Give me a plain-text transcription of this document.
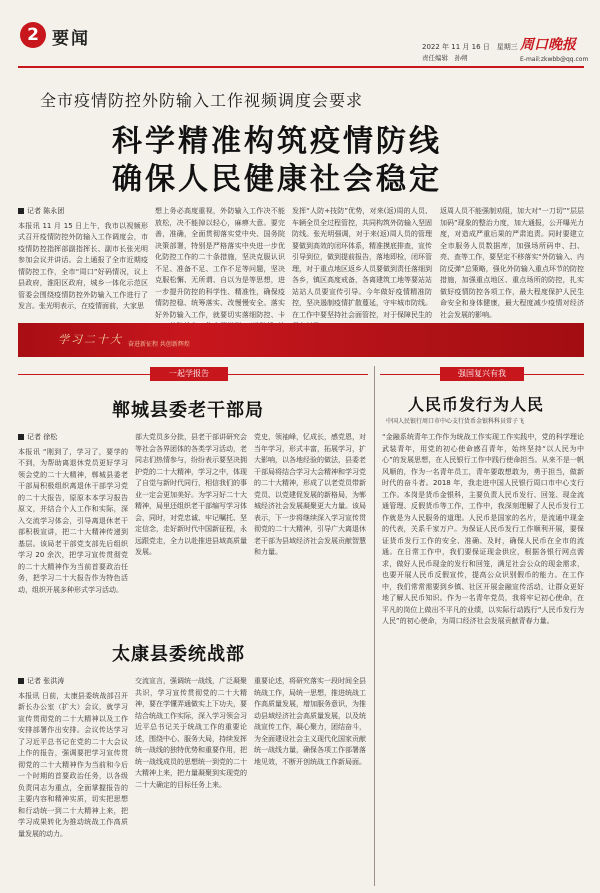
2 要闻	2022 年 11 月 16 日　星期三
责任编辑　孙朔
周口晚报
E-mail:zkwbb@qq.com
全市疫情防控外防输入工作视频调度会要求
科学精准构筑疫情防线
确保人民健康社会稳定
记者 陈永团
本报讯 11 月 15 日上午，我市以视频形式召开疫情防控外防输入工作调度会，市疫情防控指挥部副指挥长、副市长张光明参加会议并讲话。会上通报了全市近期疫情防控工作，全市“周口”好码情况，议上县政府，淮阳区政府，城乡一体化示范区管委会围绕疫情防控外防输入工作进行了发言。张光明表示，在疫情面前，大家思
想上务必高度重视，外防输入工作决不能放松，决不能掉以轻心，麻痹大意。要完善，准确，全面贯彻落实党中央、国务院决策部署，特别是严格落实中央进一步优化防控工作的二十条措施，坚决克服认识不足、准备不足、工作不足等问题，坚决克服松懈、无所谓、自以为是等思想，进一步提升防控的科学性、精准性，确保疫情防控稳、统筹落实、改慢慢安全。落实好外防输入工作，就要切实落细防控、卡
发挥“人防+技防”优势，对来(返)周的人员、车辆全员全过程管控，共同构筑外防输入坚固防线。张光明强调，对于来(返)周人员的管理要做到高效的闭环体系，精准摸底排查，宣传引导到位，做到提前报告，落地即检，闭环管理，对于重点地区返乡人员要做到责任落细到各乡，镇区高度戒备，各离建筑工地等要站站站站人员要宣传引导。今年做好疫情精准防控，坚决遏制疫情扩散蔓延，守牢城市防线。在工作中要坚持社会面管控，对于保障民生的
返周人员不能强制劝阻，加大对“一刀切”“层层加码”现象的整治力度，加大通报，公开曝光力度，对造成严重后果的严肃追责。同时要建立全市服务人员数据库，加强场所码申、扫、亮、查等工作，要坚定不移落实“外防输入、内防反弹”总策略，强化外防输入重点环节的防控措施，加强重点地区、重点场所的防控，扎实做好疫情防控各项工作，最大程度保护人民生命安全和身体健康，最大程度减少疫情对经济社会发展的影响。
学习二十大 奋进新征程 共创新辉煌
一起学报告
郸城县委老干部局
记者 徐松
本报讯 “刚到了，学习了，要学的不到，为帮助离退休党员更好学习领会党的二十大精神，郸城县委老干部局积极组织离退休干部学习党的二十大报告，原原本本学习报告原文，并结合个人工作和实际，深入交流学习体会，引导离退休老干部积极宣讲，把二十大精神传递到基层。该局老干部党支部先后组织学习 20 余次，把学习宣传贯彻党的二十大精神作为当前首要政治任务，把学习二十大报告作为特色活动，组织开展多种形式学习活动。
部大党员多分批，县老干部讲研究会等社会各界团体的各类学习活动，老同志们热情参与，纷纷表示要坚决拥护党的二十大精神，学习之中，体现了自觉与新时代同行，相信我们的事业一定会更加美好。为学习好二十大精神，局里还组织老干部编写学习体会，同时，对党忠诚、牢记嘱托、坚定信念，走好新时代中国新征程，永远跟党走，全力以赴推进县域高质量发展。
党史，领袖峰，忆成长，感党恩，对当年学习，形式丰富，拓展学习，扩大影响，以各地经验的做法，县委老干部局将结合学习大会精神和学习党的二十大精神，形成了以老党员带新党员、以党建促发展的新格局，为郸城经济社会发展凝聚更大力量。该局表示，下一步将继续深入学习宣传贯彻党的二十大精神，引导广大离退休老干部为县域经济社会发展贡献智慧和力量。
太康县委统战部
记者 张洪涛
本报讯 日前，太康县委统战部召开新长办公室（扩大）会议，就学习宣传贯彻党的二十大精神以及工作安排部署作出安排。会议传达学习了习近平总书记在党的二十大会议上作的报告，强调要把学习宣传贯彻党的二十大精神作为当前和今后一个时期的首要政治任务，以各级负责同志为重点，全面掌握报告的主要内容和精神实质，切实把思想和行动统一到二十大精神上来，把学习成果转化为推动统战工作高质量发展的动力。
交流宣言，强调统一战线，广泛凝聚共识，学习宣传贯彻党的二十大精神，要在学懂弄通做实上下功夫，要结合统战工作实际，深入学习领会习近平总书记关于统战工作的重要论述，围绕中心、服务大局，持续发挥统一战线的独特优势和重要作用，把统一战线成员的思想统一到党的二十大精神上来，把力量凝聚到实现党的二十大确定的目标任务上来。
重要论述，将研究落实一段时间全县统战工作，局统一思想，推进统战工作高质量发展，增加服务意识，为推动县域经济社会高质量发展，以及统战宣传工作，凝心聚力，团结奋斗，为全面建设社会主义现代化国家贡献统一战线力量，确保各项工作部署落地见效，不断开创统战工作新局面。
强国复兴有我
人民币发行为人民
中国人民银行周口市中心支行货币金银科科员常子飞
“金融系统青年工作作为统战工作实现工作实践中，党的科学理论武装青年，用党的初心使命感召青年，始终坚持“以人民为中心”的发展思想，在人民银行工作中践行使命担当。从来不是一帆风顺的，作为一名青年员工，青年要敢想敢为，勇于担当，做新时代的奋斗者。2018 年，我走进中国人民银行周口市中心支行工作。本岗是货币金银科，主要负责人民币发行、回笼、现金流通管理、反假货币等工作，工作中，我深刻理解了人民币发行工作就是为人民服务的道理。人民币是国家的名片，是流通中现金的代表，关系千家万户。为保证人民币发行工作顺利开展，要保证货币发行工作的安全、准确、及时，确保人民币在全市的流通。在日常工作中，我们要保证现金供应，根据各银行网点需求，做好人民币现金的发行和回笼，满足社会公众的现金需求，也要开展人民币反假宣传，提高公众识别假币的能力。在工作中，我们常常需要到乡镇、社区开展金融宣传活动，让群众更好地了解人民币知识。作为一名青年党员，我将牢记初心使命，在平凡的岗位上做出不平凡的业绩，以实际行动践行“人民币发行为人民”的初心使命，为周口经济社会发展贡献青春力量。
